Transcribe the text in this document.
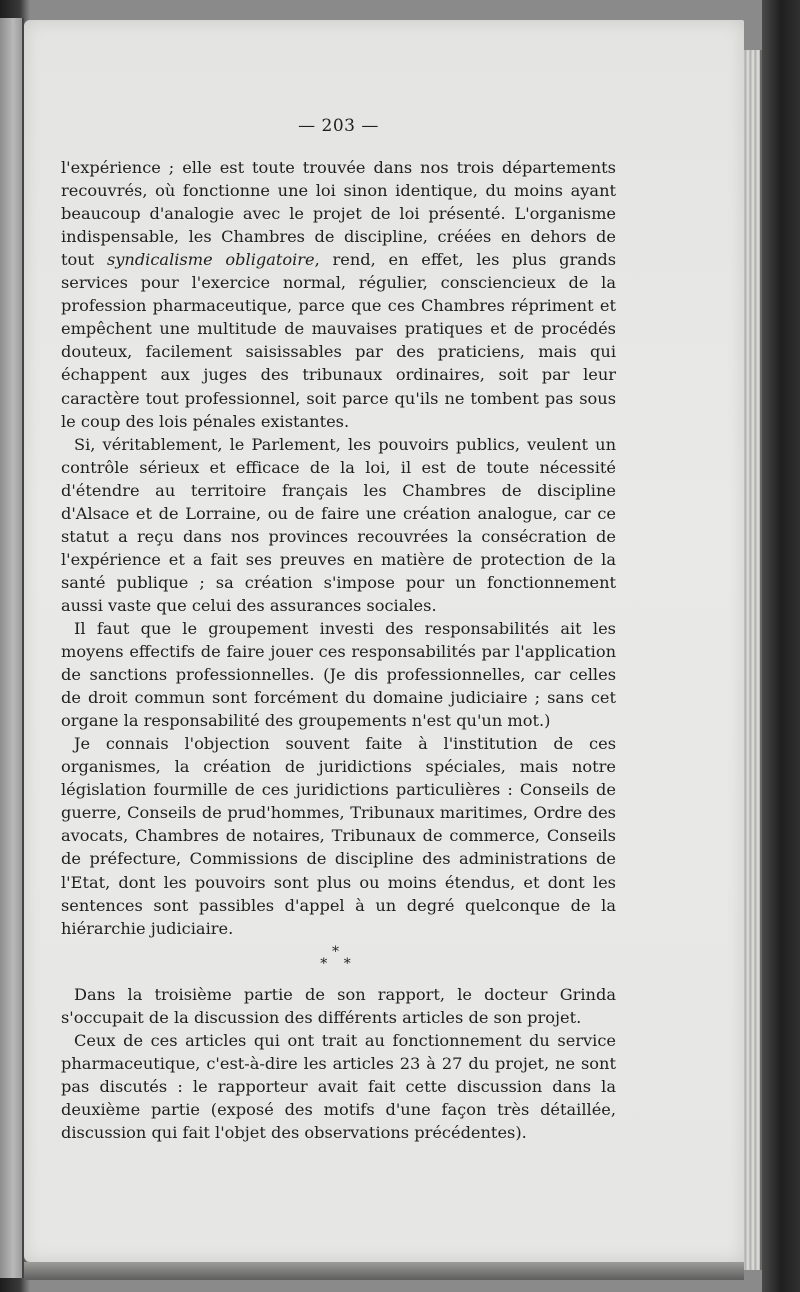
— 203 —

l'expérience ; elle est toute trouvée dans nos trois départements recouvrés, où fonctionne une loi sinon identique, du moins ayant beaucoup d'analogie avec le projet de loi présenté. L'organisme indispensable, les Chambres de discipline, créées en dehors de tout syndicalisme obligatoire, rend, en effet, les plus grands services pour l'exercice normal, régulier, consciencieux de la profession pharmaceutique, parce que ces Chambres répriment et empêchent une multitude de mauvaises pratiques et de procédés douteux, facilement saisissables par des praticiens, mais qui échappent aux juges des tribunaux ordinaires, soit par leur caractère tout professionnel, soit parce qu'ils ne tombent pas sous le coup des lois pénales existantes.

Si, véritablement, le Parlement, les pouvoirs publics, veulent un contrôle sérieux et efficace de la loi, il est de toute nécessité d'étendre au territoire français les Chambres de discipline d'Alsace et de Lorraine, ou de faire une création analogue, car ce statut a reçu dans nos provinces recouvrées la consécration de l'expérience et a fait ses preuves en matière de protection de la santé publique ; sa création s'impose pour un fonctionnement aussi vaste que celui des assurances sociales.

Il faut que le groupement investi des responsabilités ait les moyens effectifs de faire jouer ces responsabilités par l'application de sanctions professionnelles. (Je dis professionnelles, car celles de droit commun sont forcément du domaine judiciaire ; sans cet organe la responsabilité des groupements n'est qu'un mot.)

Je connais l'objection souvent faite à l'institution de ces organismes, la création de juridictions spéciales, mais notre législation fourmille de ces juridictions particulières : Conseils de guerre, Conseils de prud'hommes, Tribunaux maritimes, Ordre des avocats, Chambres de notaires, Tribunaux de commerce, Conseils de préfecture, Commissions de discipline des administrations de l'Etat, dont les pouvoirs sont plus ou moins étendus, et dont les sentences sont passibles d'appel à un degré quelconque de la hiérarchie judiciaire.

*
* *

Dans la troisième partie de son rapport, le docteur Grinda s'occupait de la discussion des différents articles de son projet.

Ceux de ces articles qui ont trait au fonctionnement du service pharmaceutique, c'est-à-dire les articles 23 à 27 du projet, ne sont pas discutés : le rapporteur avait fait cette discussion dans la deuxième partie (exposé des motifs d'une façon très détaillée, discussion qui fait l'objet des observations précédentes).
